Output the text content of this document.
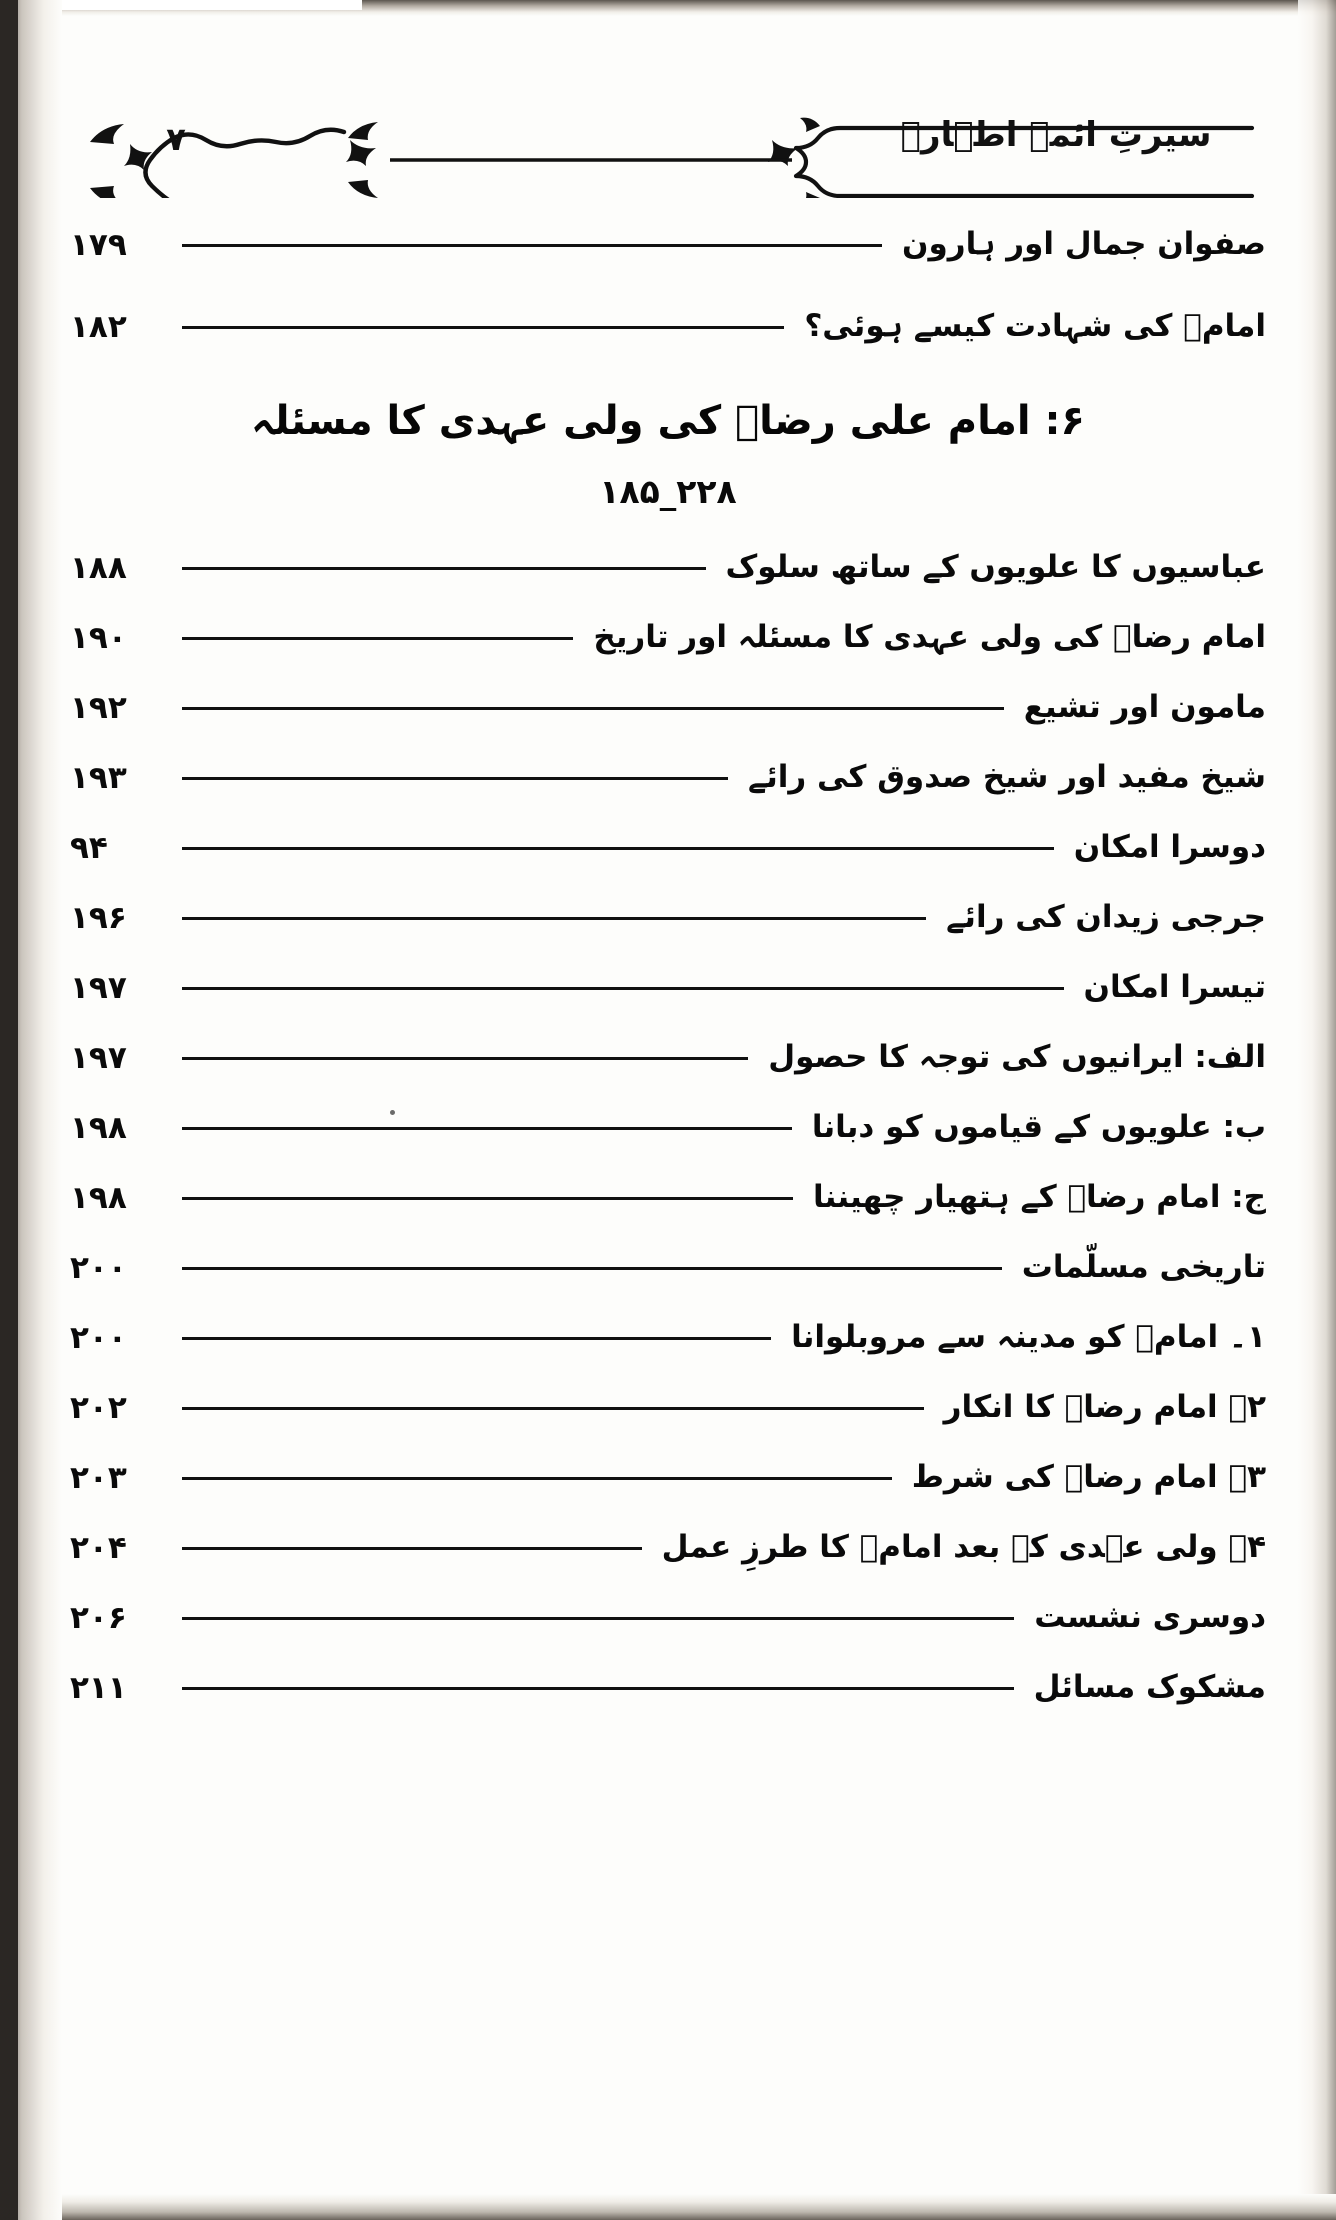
سیرتِ ائمہ اطہارؑ
۷
صفوان جمال اور ہارون
۱۷۹
امامؑ کی شہادت کیسے ہوئی؟
۱۸۲
۶: امام علی رضاؑ کی ولی عہدی کا مسئلہ
۲۲۸_۱۸۵
عباسیوں کا علویوں کے ساتھ سلوک
۱۸۸
امام رضاؑ کی ولی عہدی کا مسئلہ اور تاریخ
۱۹۰
مامون اور تشیع
۱۹۲
شیخ مفید اور شیخ صدوق کی رائے
۱۹۳
دوسرا امکان
۹۴
جرجی زیدان کی رائے
۱۹۶
تیسرا امکان
۱۹۷
الف: ایرانیوں کی توجہ کا حصول
۱۹۷
ب: علویوں کے قیاموں کو دبانا
۱۹۸
ج: امام رضاؑ کے ہتھیار چھیننا
۱۹۸
تاریخی مسلّمات
۲۰۰
۱۔ امامؑ کو مدینہ سے مروبلوانا
۲۰۰
۲۔ امام رضاؑ کا انکار
۲۰۲
۳۔ امام رضاؑ کی شرط
۲۰۳
۴۔ ولی عہدی کے بعد امامؑ کا طرزِ عمل
۲۰۴
دوسری نشست
۲۰۶
مشکوک مسائل
۲۱۱
